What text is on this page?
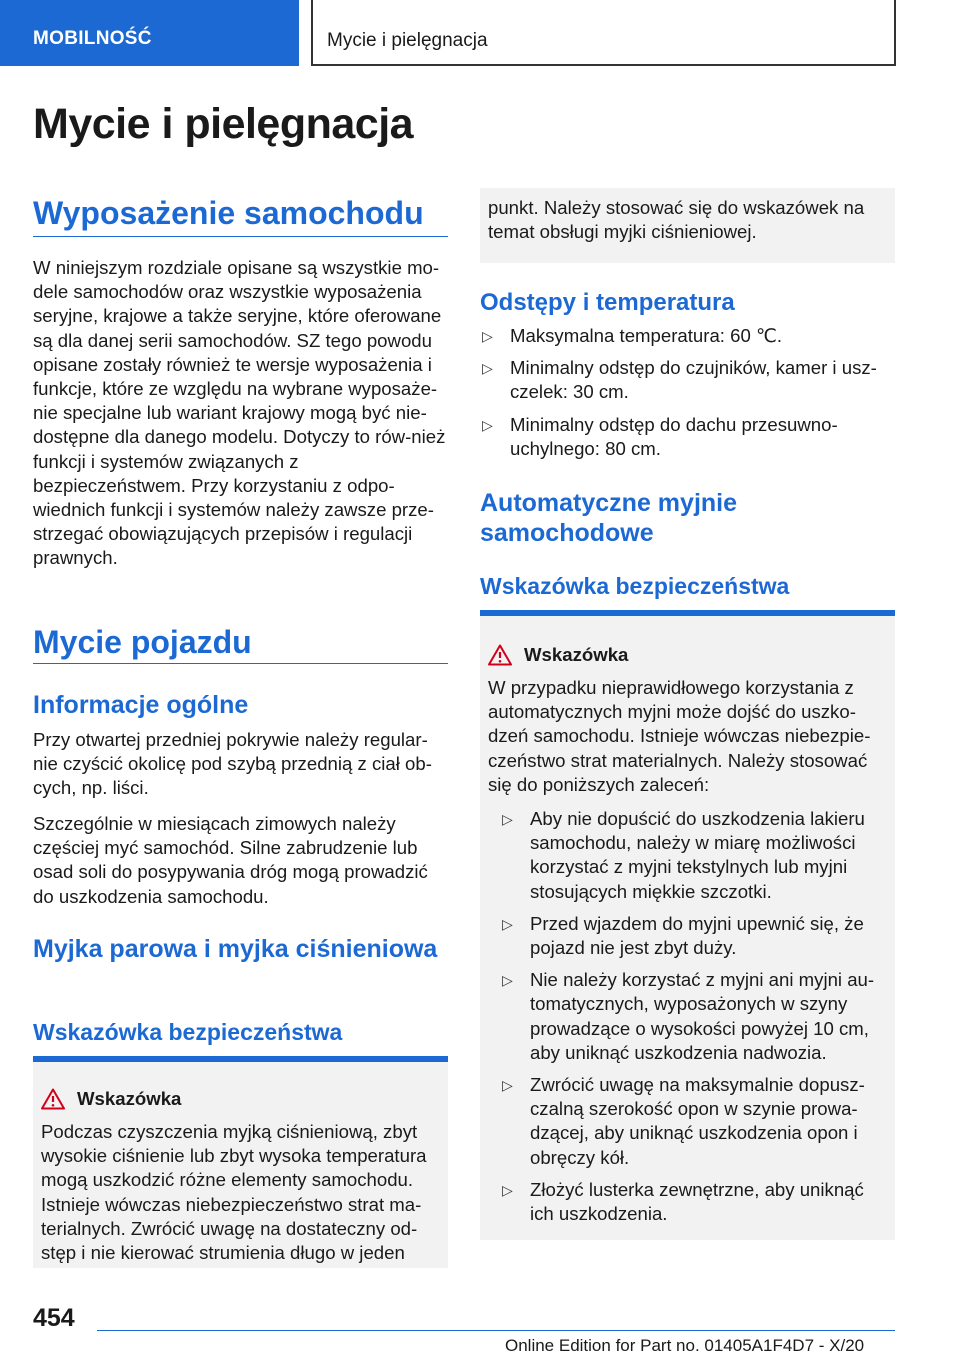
MOBILNOŚĆ	Mycie i pielęgnacja
Mycie i pielęgnacja
Wyposażenie samochodu
W niniejszym rozdziale opisane są wszystkie mo-dele samochodów oraz wszystkie wyposażenia seryjne, krajowe a także seryjne, które oferowane są dla danej serii samochodów. SZ tego powodu opisane zostały również te wersje wyposażenia i funkcje, które ze względu na wybrane wyposaże-nie specjalne lub wariant krajowy mogą być nie-dostępne dla danego modelu. Dotyczy to rów-nież funkcji i systemów związanych z bezpieczeństwem. Przy korzystaniu z odpo-wiednich funkcji i systemów należy zawsze prze-strzegać obowiązujących przepisów i regulacji prawnych.
Mycie pojazdu
Informacje ogólne
Przy otwartej przedniej pokrywie należy regular-nie czyścić okolicę pod szybą przednią z ciał ob-cych, np. liści.
Szczególnie w miesiącach zimowych należy częściej myć samochód. Silne zabrudzenie lub osad soli do posypywania dróg mogą prowadzić do uszkodzenia samochodu.
Myjka parowa i myjka ciśnieniowa
Wskazówka bezpieczeństwa
Wskazówka
Podczas czyszczenia myjką ciśnieniową, zbyt wysokie ciśnienie lub zbyt wysoka temperatura mogą uszkodzić różne elementy samochodu. Istnieje wówczas niebezpieczeństwo strat ma-terialnych. Zwrócić uwagę na dostateczny od-stęp i nie kierować strumienia długo w jeden
punkt. Należy stosować się do wskazówek na temat obsługi myjki ciśnieniowej.
Odstępy i temperatura
▷ Maksymalna temperatura: 60 ℃.
▷ Minimalny odstęp do czujników, kamer i usz-czelek: 30 cm.
▷ Minimalny odstęp do dachu przesuwno-uchylnego: 80 cm.
Automatyczne myjnie samochodowe
Wskazówka bezpieczeństwa
Wskazówka
W przypadku nieprawidłowego korzystania z automatycznych myjni może dojść do uszko-dzeń samochodu. Istnieje wówczas niebezpie-czeństwo strat materialnych. Należy stosować się do poniższych zaleceń:
▷ Aby nie dopuścić do uszkodzenia lakieru samochodu, należy w miarę możliwości korzystać z myjni tekstylnych lub myjni stosujących miękkie szczotki.
▷ Przed wjazdem do myjni upewnić się, że pojazd nie jest zbyt duży.
▷ Nie należy korzystać z myjni ani myjni au-tomatycznych, wyposażonych w szyny prowadzące o wysokości powyżej 10 cm, aby uniknąć uszkodzenia nadwozia.
▷ Zwrócić uwagę na maksymalnie dopusz-czalną szerokość opon w szynie prowa-dzącej, aby uniknąć uszkodzenia opon i obręczy kół.
▷ Złożyć lusterka zewnętrzne, aby uniknąć ich uszkodzenia.
454
Online Edition for Part no. 01405A1F4D7 - X/20
